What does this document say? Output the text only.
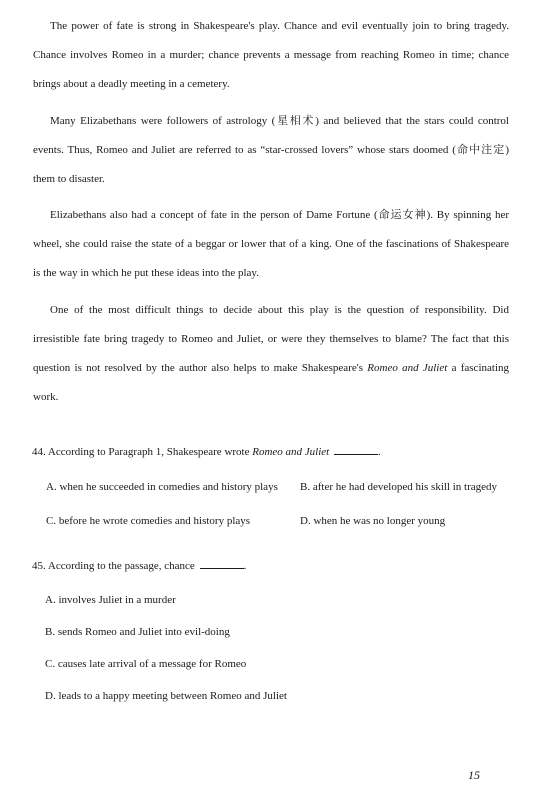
The power of fate is strong in Shakespeare's play. Chance and evil eventually join to bring tragedy. Chance involves Romeo in a murder; chance prevents a message from reaching Romeo in time; chance brings about a deadly meeting in a cemetery.

Many Elizabethans were followers of astrology (星相术) and believed that the stars could control events. Thus, Romeo and Juliet are referred to as “star-crossed lovers” whose stars doomed (命中注定) them to disaster.

Elizabethans also had a concept of fate in the person of Dame Fortune (命运女神). By spinning her wheel, she could raise the state of a beggar or lower that of a king. One of the fascinations of Shakespeare is the way in which he put these ideas into the play.

One of the most difficult things to decide about this play is the question of responsibility. Did irresistible fate bring tragedy to Romeo and Juliet, or were they themselves to blame? The fact that this question is not resolved by the author also helps to make Shakespeare's Romeo and Juliet a fascinating work.

44. According to Paragraph 1, Shakespeare wrote Romeo and Juliet	.
A. when he succeeded in comedies and history plays B. after he had developed his skill in tragedy
C. before he wrote comedies and history plays	D. when he was no longer young
45. According to the passage, chance	.
A. involves Juliet in a murder
B. sends Romeo and Juliet into evil-doing
C. causes late arrival of a message for Romeo
D. leads to a happy meeting between Romeo and Juliet
15
